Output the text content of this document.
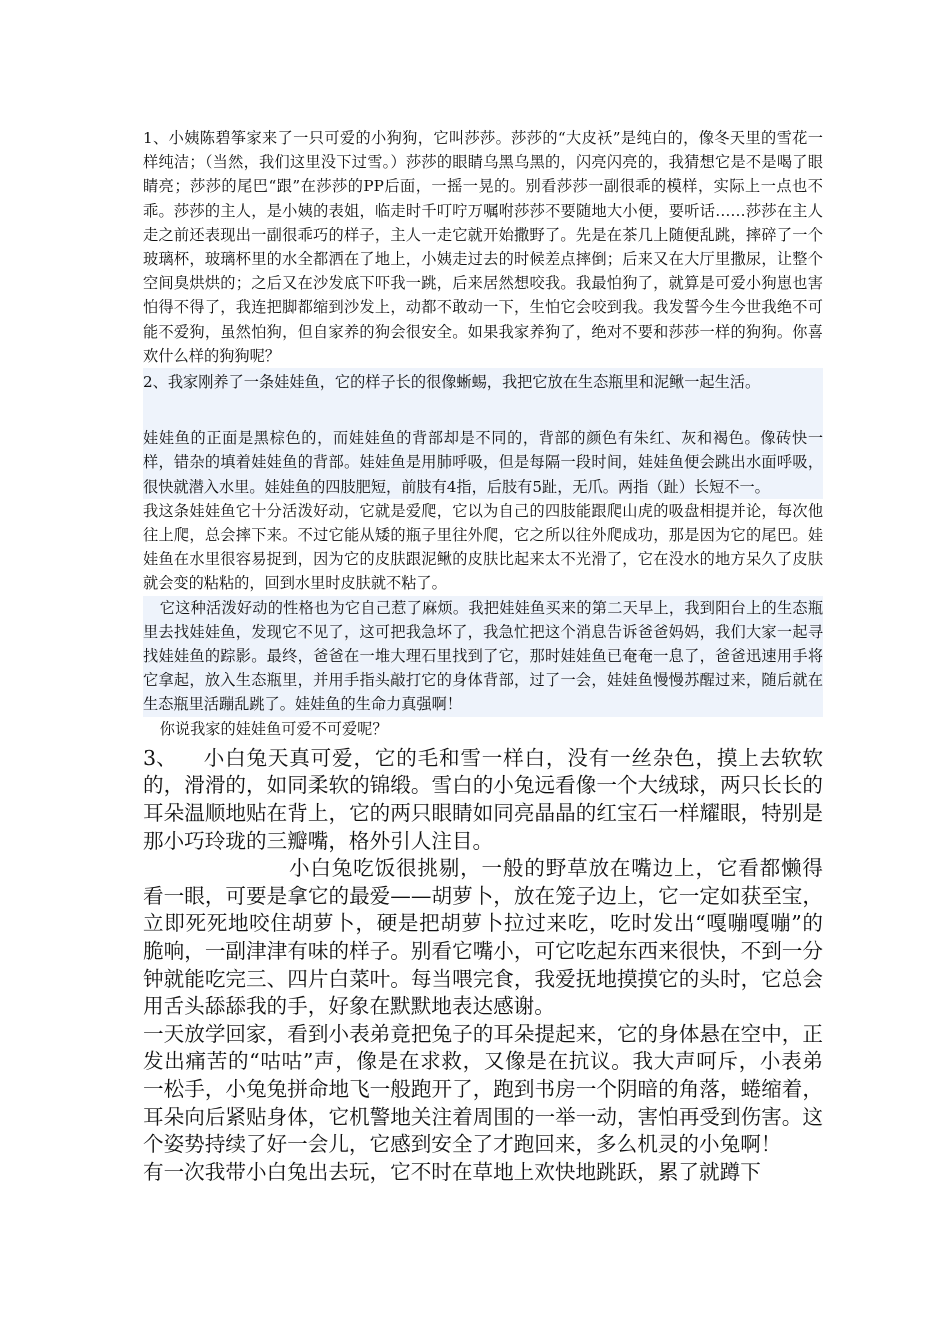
1、小姨陈碧筝家来了一只可爱的小狗狗，它叫莎莎。莎莎的“大皮袄”是纯白的，像冬天里的雪花一样纯洁；（当然，我们这里没下过雪。）莎莎的眼睛乌黑乌黑的，闪亮闪亮的，我猜想它是不是喝了眼睛亮；莎莎的尾巴“跟”在莎莎的PP后面，一摇一晃的。别看莎莎一副很乖的模样，实际上一点也不乖。莎莎的主人，是小姨的表姐，临走时千叮咛万嘱咐莎莎不要随地大小便，要听话……莎莎在主人走之前还表现出一副很乖巧的样子，主人一走它就开始撒野了。先是在茶几上随便乱跳，摔碎了一个玻璃杯，玻璃杯里的水全都洒在了地上，小姨走过去的时候差点摔倒；后来又在大厅里撒尿，让整个空间臭烘烘的；之后又在沙发底下吓我一跳，后来居然想咬我。我最怕狗了，就算是可爱小狗崽也害怕得不得了，我连把脚都缩到沙发上，动都不敢动一下，生怕它会咬到我。我发誓今生今世我绝不可能不爱狗，虽然怕狗，但自家养的狗会很安全。如果我家养狗了，绝对不要和莎莎一样的狗狗。你喜欢什么样的狗狗呢？

2、我家刚养了一条娃娃鱼，它的样子长的很像蜥蜴，我把它放在生态瓶里和泥鳅一起生活。

娃娃鱼的正面是黑棕色的，而娃娃鱼的背部却是不同的，背部的颜色有朱红、灰和褐色。像砖快一样，错杂的填着娃娃鱼的背部。娃娃鱼是用肺呼吸，但是每隔一段时间，娃娃鱼便会跳出水面呼吸，很快就潜入水里。娃娃鱼的四肢肥短，前肢有4指，后肢有5趾，无爪。两指（趾）长短不一。

我这条娃娃鱼它十分活泼好动，它就是爱爬，它以为自己的四肢能跟爬山虎的吸盘相提并论，每次他往上爬，总会摔下来。不过它能从矮的瓶子里往外爬，它之所以往外爬成功，那是因为它的尾巴。娃娃鱼在水里很容易捉到，因为它的皮肤跟泥鳅的皮肤比起来太不光滑了，它在没水的地方呆久了皮肤就会变的粘粘的，回到水里时皮肤就不粘了。

它这种活泼好动的性格也为它自己惹了麻烦。我把娃娃鱼买来的第二天早上，我到阳台上的生态瓶里去找娃娃鱼，发现它不见了，这可把我急坏了，我急忙把这个消息告诉爸爸妈妈，我们大家一起寻找娃娃鱼的踪影。最终，爸爸在一堆大理石里找到了它，那时娃娃鱼已奄奄一息了，爸爸迅速用手将它拿起，放入生态瓶里，并用手指头敲打它的身体背部，过了一会，娃娃鱼慢慢苏醒过来，随后就在生态瓶里活蹦乱跳了。娃娃鱼的生命力真强啊！

你说我家的娃娃鱼可爱不可爱呢？

3、 小白兔天真可爱，它的毛和雪一样白，没有一丝杂色，摸上去软软的，滑滑的，如同柔软的锦缎。雪白的小兔远看像一个大绒球，两只长长的耳朵温顺地贴在背上，它的两只眼睛如同亮晶晶的红宝石一样耀眼，特别是那小巧玲珑的三瓣嘴，格外引人注目。

小白兔吃饭很挑剔，一般的野草放在嘴边上，它看都懒得看一眼，可要是拿它的最爱——胡萝卜，放在笼子边上，它一定如获至宝，立即死死地咬住胡萝卜，硬是把胡萝卜拉过来吃，吃时发出“嘎嘣嘎嘣”的脆响，一副津津有味的样子。别看它嘴小，可它吃起东西来很快，不到一分钟就能吃完三、四片白菜叶。每当喂完食，我爱抚地摸摸它的头时，它总会用舌头舔舔我的手，好象在默默地表达感谢。

一天放学回家，看到小表弟竟把兔子的耳朵提起来，它的身体悬在空中，正发出痛苦的“咕咕”声，像是在求救，又像是在抗议。我大声呵斥，小表弟一松手，小兔兔拼命地飞一般跑开了，跑到书房一个阴暗的角落，蜷缩着，耳朵向后紧贴身体，它机警地关注着周围的一举一动，害怕再受到伤害。这个姿势持续了好一会儿，它感到安全了才跑回来，多么机灵的小兔啊！

有一次我带小白兔出去玩，它不时在草地上欢快地跳跃，累了就蹲下
